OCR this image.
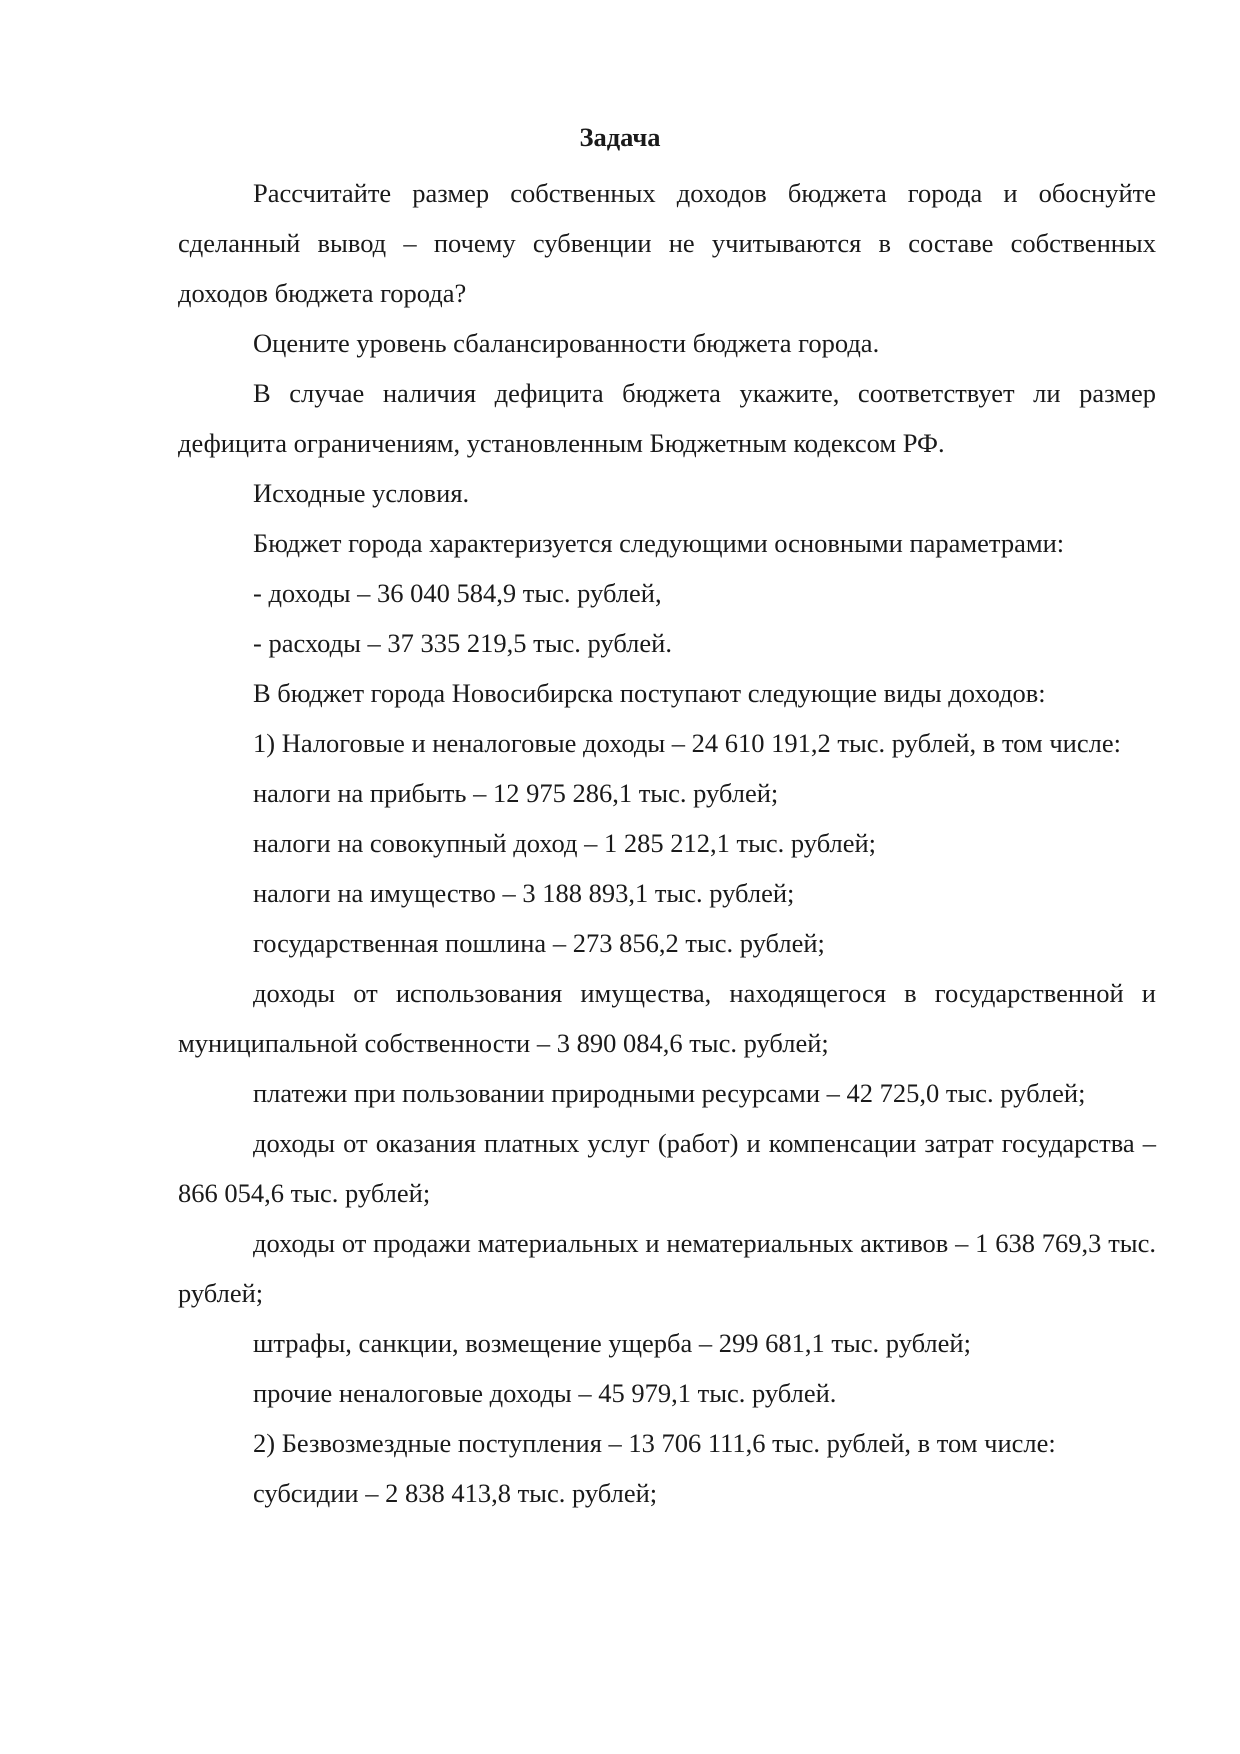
Задача

Рассчитайте размер собственных доходов бюджета города и обоснуйте сделанный вывод – почему субвенции не учитываются в составе собственных доходов бюджета города?

Оцените уровень сбалансированности бюджета города.

В случае наличия дефицита бюджета укажите, соответствует ли размер дефицита ограничениям, установленным Бюджетным кодексом РФ.

Исходные условия.

Бюджет города характеризуется следующими основными параметрами:

- доходы – 36 040 584,9 тыс. рублей,

- расходы – 37 335 219,5 тыс. рублей.

В бюджет города Новосибирска поступают следующие виды доходов:

1) Налоговые и неналоговые доходы – 24 610 191,2 тыс. рублей, в том числе:

налоги на прибыть – 12 975 286,1 тыс. рублей;

налоги на совокупный доход – 1 285 212,1 тыс. рублей;

налоги на имущество – 3 188 893,1 тыс. рублей;

государственная пошлина – 273 856,2 тыс. рублей;

доходы от использования имущества, находящегося в государственной и муниципальной собственности – 3 890 084,6 тыс. рублей;

платежи при пользовании природными ресурсами – 42 725,0 тыс. рублей;

доходы от оказания платных услуг (работ) и компенсации затрат государства – 866 054,6 тыс. рублей;

доходы от продажи материальных и нематериальных активов – 1 638 769,3 тыс. рублей;

штрафы, санкции, возмещение ущерба – 299 681,1 тыс. рублей;

прочие неналоговые доходы – 45 979,1 тыс. рублей.

2) Безвозмездные поступления – 13 706 111,6 тыс. рублей, в том числе:

субсидии – 2 838 413,8 тыс. рублей;
